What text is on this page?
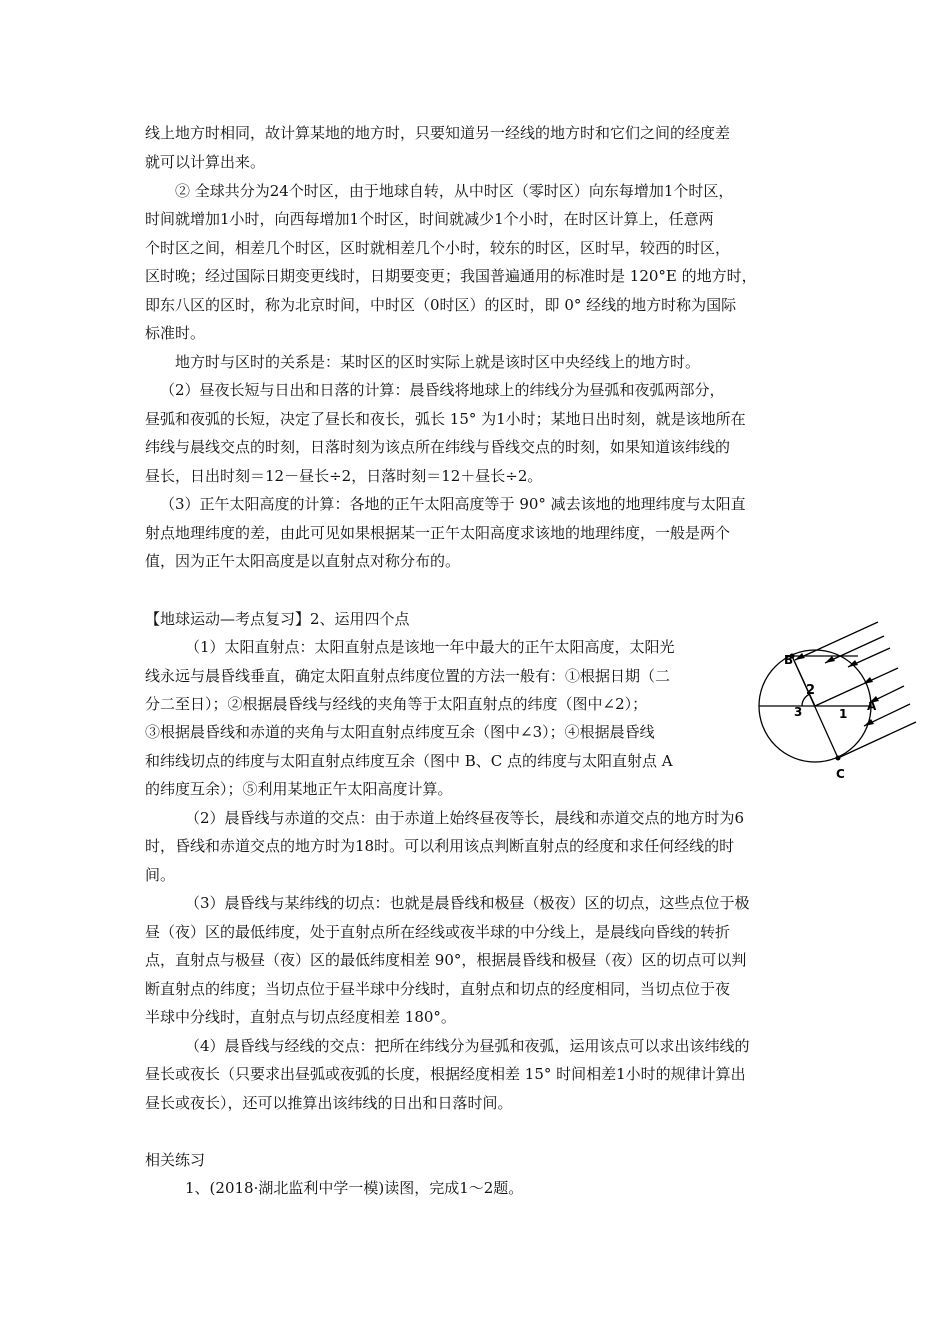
线上地方时相同，故计算某地的地方时，只要知道另一经线的地方时和它们之间的经度差
就可以计算出来。
② 全球共分为24个时区，由于地球自转，从中时区（零时区）向东每增加1个时区，
时间就增加1小时，向西每增加1个时区，时间就减少1个小时，在时区计算上，任意两
个时区之间，相差几个时区，区时就相差几个小时，较东的时区，区时早，较西的时区，
区时晚；经过国际日期变更线时，日期要变更；我国普遍通用的标准时是 120°E 的地方时，
即东八区的区时，称为北京时间，中时区（0时区）的区时，即 0° 经线的地方时称为国际
标准时。
地方时与区时的关系是：某时区的区时实际上就是该时区中央经线上的地方时。
（2）昼夜长短与日出和日落的计算：晨昏线将地球上的纬线分为昼弧和夜弧两部分，
昼弧和夜弧的长短，决定了昼长和夜长，弧长 15° 为1小时；某地日出时刻，就是该地所在
纬线与晨线交点的时刻，日落时刻为该点所在纬线与昏线交点的时刻，如果知道该纬线的
昼长，日出时刻＝12－昼长÷2，日落时刻＝12＋昼长÷2。
（3）正午太阳高度的计算：各地的正午太阳高度等于 90° 减去该地的地理纬度与太阳直
射点地理纬度的差，由此可见如果根据某一正午太阳高度求该地的地理纬度，一般是两个
值，因为正午太阳高度是以直射点对称分布的。
【地球运动—考点复习】2、运用四个点
（1）太阳直射点：太阳直射点是该地一年中最大的正午太阳高度，太阳光
线永远与晨昏线垂直，确定太阳直射点纬度位置的方法一般有：①根据日期（二
分二至日）；②根据晨昏线与经线的夹角等于太阳直射点的纬度（图中∠2）；
③根据晨昏线和赤道的夹角与太阳直射点纬度互余（图中∠3）；④根据晨昏线
和纬线切点的纬度与太阳直射点纬度互余（图中 B、C 点的纬度与太阳直射点 A
的纬度互余）；⑤利用某地正午太阳高度计算。
（2）晨昏线与赤道的交点：由于赤道上始终昼夜等长，晨线和赤道交点的地方时为6
时，昏线和赤道交点的地方时为18时。可以利用该点判断直射点的经度和求任何经线的时
间。
（3）晨昏线与某纬线的切点：也就是晨昏线和极昼（极夜）区的切点，这些点位于极
昼（夜）区的最低纬度，处于直射点所在经线或夜半球的中分线上，是晨线向昏线的转折
点，直射点与极昼（夜）区的最低纬度相差 90°，根据晨昏线和极昼（夜）区的切点可以判
断直射点的纬度；当切点位于昼半球中分线时，直射点和切点的经度相同，当切点位于夜
半球中分线时，直射点与切点经度相差 180°。
（4）晨昏线与经线的交点：把所在纬线分为昼弧和夜弧，运用该点可以求出该纬线的
昼长或夜长（只要求出昼弧或夜弧的长度，根据经度相差 15° 时间相差1小时的规律计算出
昼长或夜长），还可以推算出该纬线的日出和日落时间。
相关练习
1、(2018·湖北监利中学一模)读图，完成1～2题。
B
C
A
1
2
3
